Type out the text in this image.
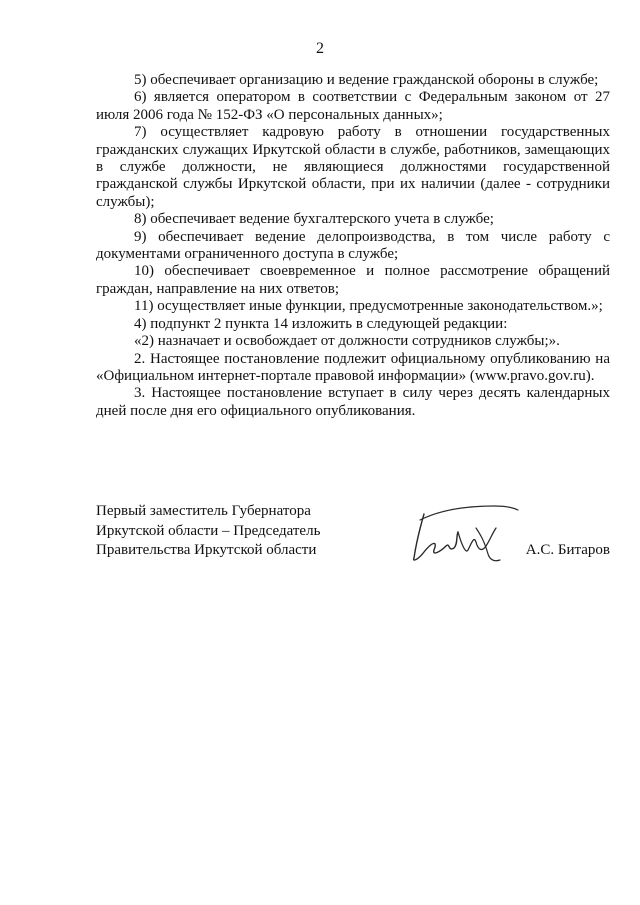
2

5) обеспечивает организацию и ведение гражданской обороны в службе;

6) является оператором в соответствии с Федеральным законом от 27 июля 2006 года № 152-ФЗ «О персональных данных»;

7) осуществляет кадровую работу в отношении государственных гражданских служащих Иркутской области в службе, работников, замещающих в службе должности, не являющиеся должностями государственной гражданской службы Иркутской области, при их наличии (далее - сотрудники службы);

8) обеспечивает ведение бухгалтерского учета в службе;

9) обеспечивает ведение делопроизводства, в том числе работу с документами ограниченного доступа в службе;

10) обеспечивает своевременное и полное рассмотрение обращений граждан, направление на них ответов;

11) осуществляет иные функции, предусмотренные законодательством.»;

4) подпункт 2 пункта 14 изложить в следующей редакции:

«2) назначает и освобождает от должности сотрудников службы;».

2. Настоящее постановление подлежит официальному опубликованию на «Официальном интернет-портале правовой информации» (www.pravo.gov.ru).

3. Настоящее постановление вступает в силу через десять календарных дней после дня его официального опубликования.

Первый заместитель Губернатора
Иркутской области – Председатель
Правительства Иркутской области	А.С. Битаров
